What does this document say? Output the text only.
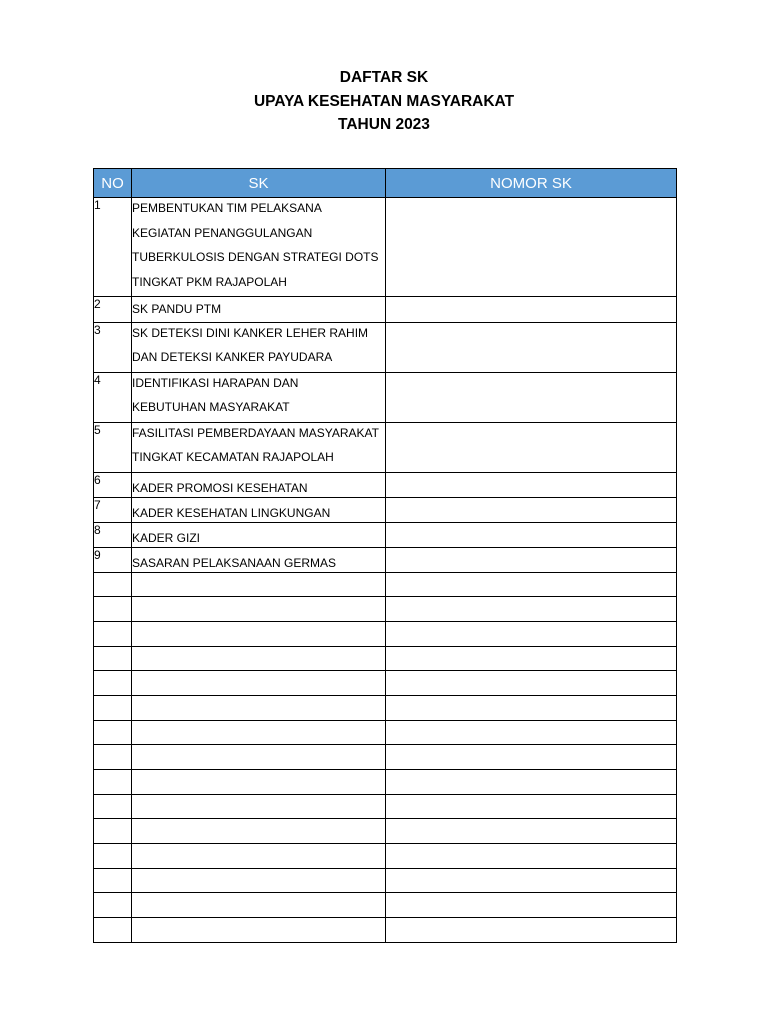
DAFTAR SK
UPAYA KESEHATAN MASYARAKAT
TAHUN 2023
NO	SK	NOMOR SK
1	PEMBENTUKAN TIM PELAKSANA
KEGIATAN PENANGGULANGAN
TUBERKULOSIS DENGAN STRATEGI DOTS
TINGKAT PKM RAJAPOLAH	

2	SK PANDU PTM	

3	SK DETEKSI DINI KANKER LEHER RAHIM
DAN DETEKSI KANKER PAYUDARA	

4	IDENTIFIKASI HARAPAN DAN
KEBUTUHAN MASYARAKAT	

5	FASILITASI PEMBERDAYAAN MASYARAKAT
TINGKAT KECAMATAN RAJAPOLAH	

6	KADER PROMOSI KESEHATAN	

7	KADER KESEHATAN LINGKUNGAN	

8	KADER GIZI	

9	SASARAN PELAKSANAAN GERMAS	
